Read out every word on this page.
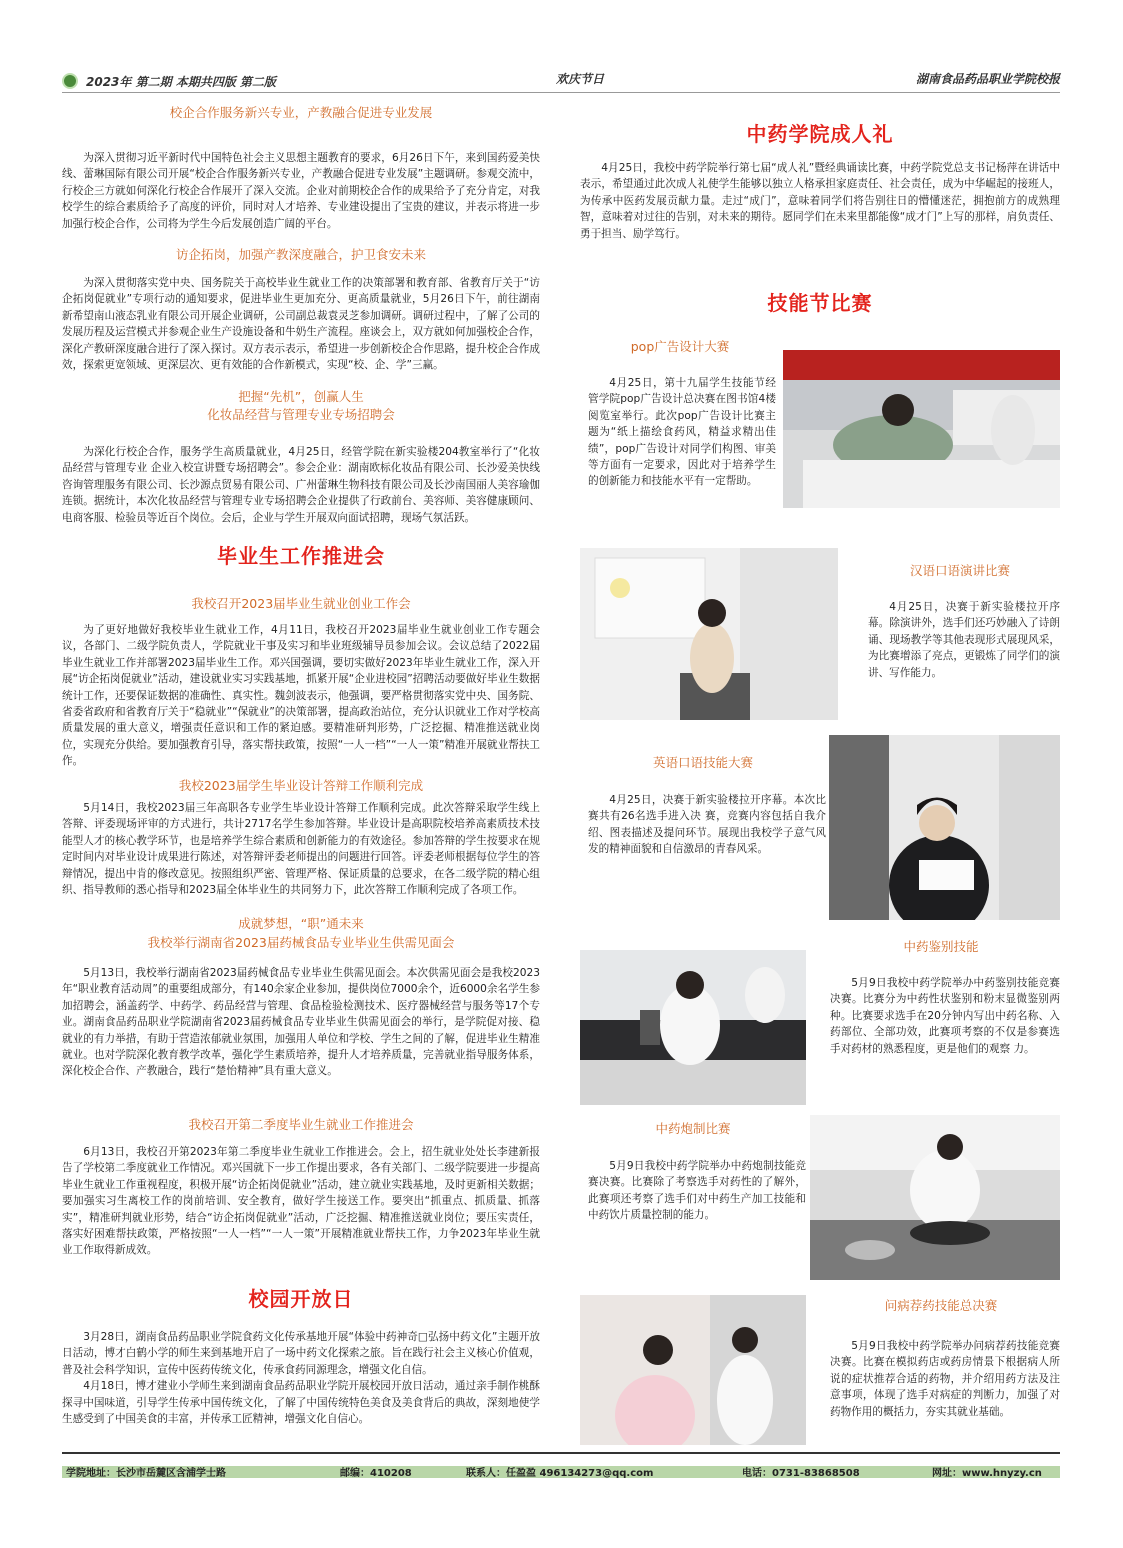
2023年 第二期 本期共四版 第二版	欢庆节日	湖南食品药品职业学院校报
校企合作服务新兴专业，产教融合促进专业发展

为深入贯彻习近平新时代中国特色社会主义思想主题教育的要求，6月26日下午，来到国药爱美快线、蕾琳国际有限公司开展“校企合作服务新兴专业，产教融合促进专业发展”主题调研。参观交流中，行校企三方就如何深化行校企合作展开了深入交流。企业对前期校企合作的成果给予了充分肯定，对我校学生的综合素质给予了高度的评价，同时对人才培养、专业建设提出了宝贵的建议，并表示将进一步加强行校企合作，公司将为学生今后发展创造广阔的平台。

访企拓岗，加强产教深度融合，护卫食安未来

为深入贯彻落实党中央、国务院关于高校毕业生就业工作的决策部署和教育部、省教育厅关于“访企拓岗促就业”专项行动的通知要求，促进毕业生更加充分、更高质量就业，5月26日下午，前往湖南新希望南山液态乳业有限公司开展企业调研，公司副总裁袁灵芝参加调研。调研过程中，了解了公司的发展历程及运营模式并参观企业生产设施设备和牛奶生产流程。座谈会上，双方就如何加强校企合作，深化产教研深度融合进行了深入探讨。双方表示表示，希望进一步创新校企合作思路，提升校企合作成效，探索更宽领域、更深层次、更有效能的合作新模式，实现“校、企、学”三赢。

把握“先机”，创赢人生
化妆品经营与管理专业专场招聘会

为深化行校企合作，服务学生高质量就业，4月25日，经管学院在新实验楼204教室举行了“化妆品经营与管理专业 企业入校宣讲暨专场招聘会”。参会企业：湖南欧标化妆品有限公司、长沙爱美快线咨询管理服务有限公司、长沙源点贸易有限公司、广州蕾琳生物科技有限公司及长沙南国丽人美容瑜伽连锁。据统计，本次化妆品经营与管理专业专场招聘会企业提供了行政前台、美容师、美容健康顾问、电商客服、检验员等近百个岗位。会后，企业与学生开展双向面试招聘，现场气氛活跃。

毕业生工作推进会
我校召开2023届毕业生就业创业工作会

为了更好地做好我校毕业生就业工作，4月11日，我校召开2023届毕业生就业创业工作专题会议，各部门、二级学院负责人，学院就业干事及实习和毕业班级辅导员参加会议。会议总结了2022届毕业生就业工作并部署2023届毕业生工作。邓兴国强调，要切实做好2023年毕业生就业工作，深入开展“访企拓岗促就业”活动，建设就业实习实践基地，抓紧开展“企业进校园”招聘活动要做好毕业生数据统计工作，还要保证数据的准确性、真实性。魏剑波表示，他强调，要严格贯彻落实党中央、国务院、省委省政府和省教育厅关于“稳就业”“保就业”的决策部署，提高政治站位，充分认识就业工作对学校高质量发展的重大意义，增强责任意识和工作的紧迫感。要精准研判形势，广泛挖掘、精准推送就业岗位，实现充分供给。要加强教育引导，落实帮扶政策，按照“一人一档”“一人一策”精准开展就业帮扶工作。

我校2023届学生毕业设计答辩工作顺利完成

5月14日，我校2023届三年高职各专业学生毕业设计答辩工作顺利完成。此次答辩采取学生线上答辩、评委现场评审的方式进行，共计2717名学生参加答辩。毕业设计是高职院校培养高素质技术技能型人才的核心教学环节，也是培养学生综合素质和创新能力的有效途径。参加答辩的学生按要求在规定时间内对毕业设计成果进行陈述，对答辩评委老师提出的问题进行回答。评委老师根据每位学生的答辩情况，提出中肯的修改意见。按照组织严密、管理严格、保证质量的总要求，在各二级学院的精心组织、指导教师的悉心指导和2023届全体毕业生的共同努力下，此次答辩工作顺利完成了各项工作。

成就梦想，“职”通未来
我校举行湖南省2023届药械食品专业毕业生供需见面会

5月13日，我校举行湖南省2023届药械食品专业毕业生供需见面会。本次供需见面会是我校2023年“职业教育活动周”的重要组成部分，有140余家企业参加，提供岗位7000余个，近6000余名学生参加招聘会，涵盖药学、中药学、药品经营与管理、食品检验检测技术、医疗器械经营与服务等17个专业。湖南食品药品职业学院湖南省2023届药械食品专业毕业生供需见面会的举行，是学院促对接、稳就业的有力举措，有助于营造浓郁就业氛围，加强用人单位和学校、学生之间的了解，促进毕业生精准就业。也对学院深化教育教学改革，强化学生素质培养，提升人才培养质量，完善就业指导服务体系，深化校企合作、产教融合，践行“楚怡精神”具有重大意义。

我校召开第二季度毕业生就业工作推进会

6月13日，我校召开第2023年第二季度毕业生就业工作推进会。会上，招生就业处处长李建新报告了学校第二季度就业工作情况。邓兴国就下一步工作提出要求，各有关部门、二级学院要进一步提高毕业生就业工作重视程度，积极开展“访企拓岗促就业”活动，建立就业实践基地，及时更新相关数据；要加强实习生离校工作的岗前培训、安全教育，做好学生接送工作。要突出“抓重点、抓质量、抓落实”，精准研判就业形势，结合“访企拓岗促就业”活动，广泛挖掘、精准推送就业岗位；要压实责任，落实好困难帮扶政策，严格按照“一人一档”“一人一策”开展精准就业帮扶工作，力争2023年毕业生就业工作取得新成效。

校园开放日

3月28日，湖南食品药品职业学院食药文化传承基地开展“体验中药神奇□弘扬中药文化”主题开放日活动，博才白鹤小学的师生来到基地开启了一场中药文化探索之旅。旨在践行社会主义核心价值观，普及社会科学知识，宣传中医药传统文化，传承食药同源理念，增强文化自信。

4月18日，博才建业小学师生来到湖南食品药品职业学院开展校园开放日活动，通过亲手制作桃酥探寻中国味道，引导学生传承中国传统文化，了解了中国传统特色美食及美食背后的典故，深刻地使学生感受到了中国美食的丰富，并传承工匠精神，增强文化自信心。

中药学院成人礼

4月25日，我校中药学院举行第七届“成人礼”暨经典诵读比赛，中药学院党总支书记杨萍在讲话中表示，希望通过此次成人礼使学生能够以独立人格承担家庭责任、社会责任，成为中华崛起的接班人，为传承中医药发展贡献力量。走过“成门”，意味着同学们将告别往日的懵懂迷茫，拥抱前方的成熟理智，意味着对过往的告别，对未来的期待。愿同学们在未来里都能像“成才门”上写的那样，肩负责任、勇于担当、励学笃行。

技能节比赛
pop广告设计大赛

4月25日，第十九届学生技能节经管学院pop广告设计总决赛在图书馆4楼阅览室举行。此次pop广告设计比赛主题为“纸上描绘食药风，精益求精出佳绩”，pop广告设计对同学们构图、审美等方面有一定要求，因此对于培养学生的创新能力和技能水平有一定帮助。

汉语口语演讲比赛

4月25日，决赛于新实验楼拉开序幕。除演讲外，选手们还巧妙融入了诗朗诵、现场教学等其他表现形式展现风采，为比赛增添了亮点，更锻炼了同学们的演讲、写作能力。

英语口语技能大赛

4月25日，决赛于新实验楼拉开序幕。本次比赛共有26名选手进入决 赛，竞赛内容包括自我介绍、图表描述及提问环节。展现出我校学子意气风发的精神面貌和自信激昂的青春风采。

中药鉴别技能

5月9日我校中药学院举办中药鉴别技能竞赛决赛。比赛分为中药性状鉴别和粉末显微鉴别两种。比赛要求选手在20分钟内写出中药名称、入药部位、全部功效，此赛项考察的不仅是参赛选手对药材的熟悉程度，更是他们的观察 力。

中药炮制比赛

5月9日我校中药学院举办中药炮制技能竞赛决赛。比赛除了考察选手对药性的了解外，此赛项还考察了选手们对中药生产加工技能和中药饮片质量控制的能力。

问病荐药技能总决赛

5月9日我校中药学院举办问病荐药技能竞赛决赛。比赛在模拟药店或药房情景下根据病人所说的症状推荐合适的药物，并介绍用药方法及注意事项，体现了选手对病症的判断力，加强了对药物作用的概括力，夯实其就业基础。

学院地址：长沙市岳麓区含浦学士路	邮编：410208	联系人：任盈盈 496134273@qq.com	电话：0731-83868508	网址：www.hnyzy.cn
